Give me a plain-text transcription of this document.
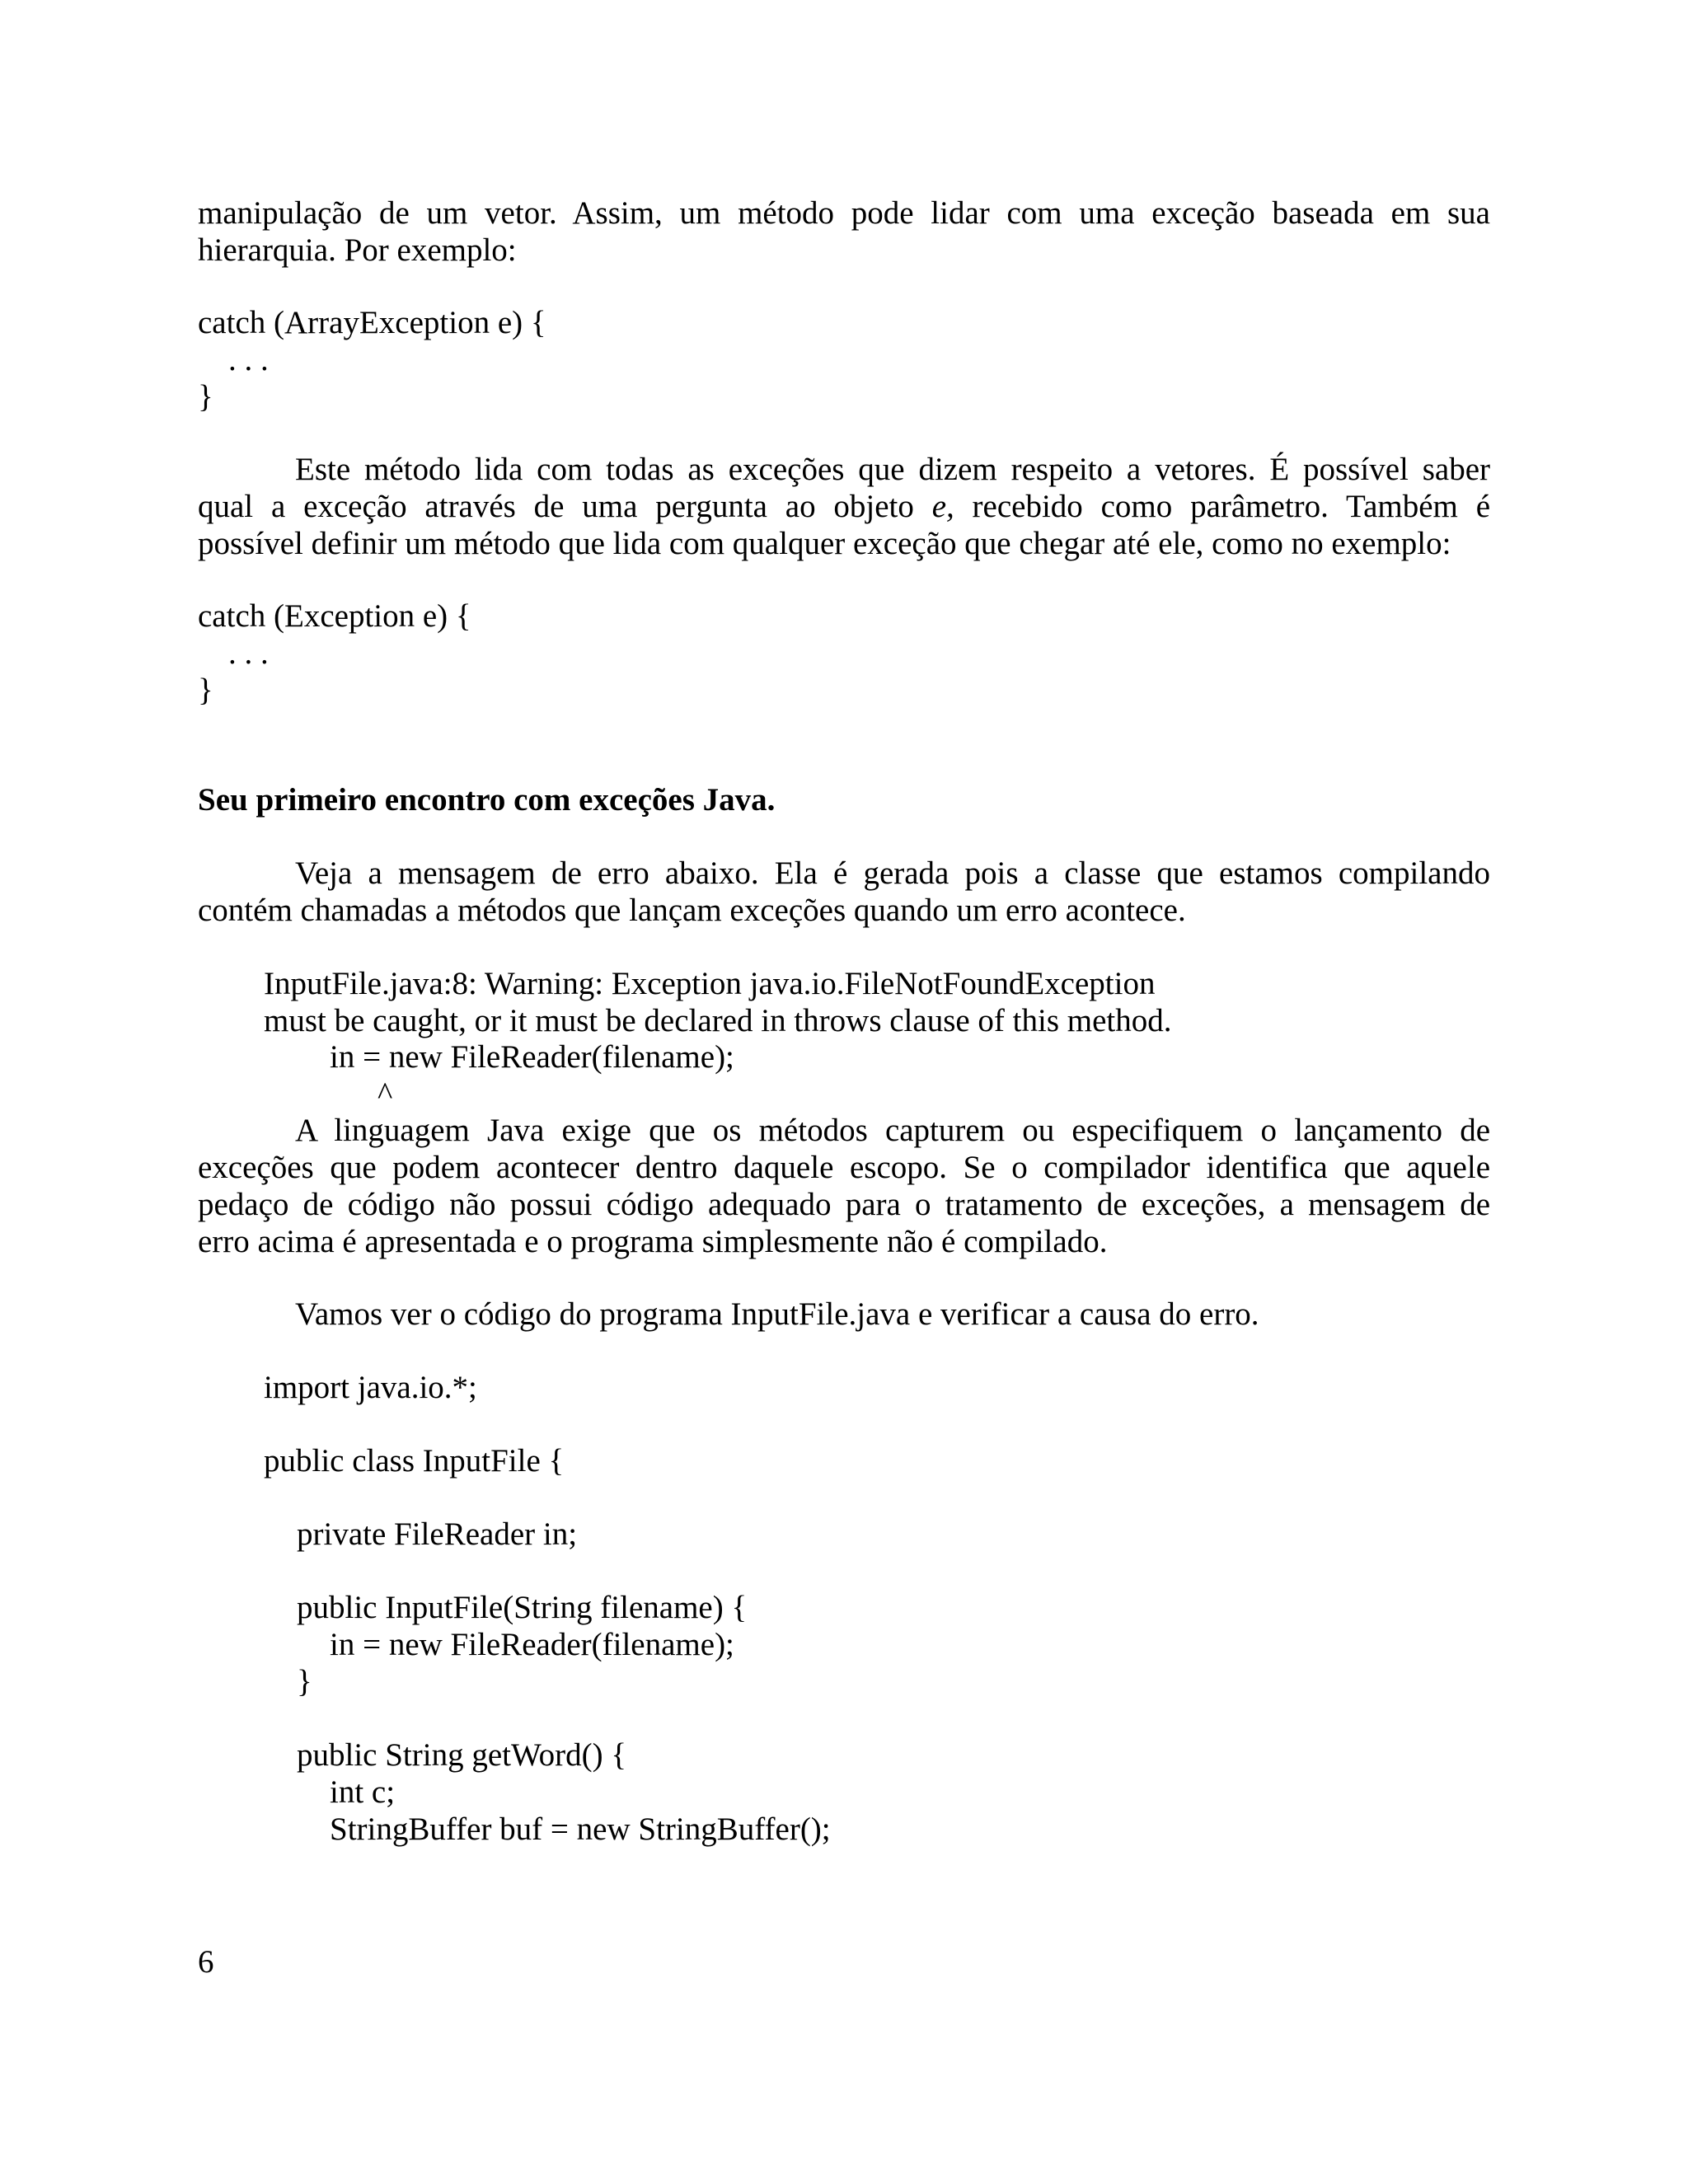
manipulação de um vetor. Assim, um método pode lidar com uma exceção baseada em sua
hierarquia. Por exemplo:
catch (ArrayException e) {
. . .
}
Este método lida com todas as exceções que dizem respeito a vetores. É possível saber
qual a exceção através de uma pergunta ao objeto e, recebido como parâmetro. Também é
possível definir um método que lida com qualquer exceção que chegar até ele, como no exemplo:
catch (Exception e) {
. . .
}
Seu primeiro encontro com exceções Java.
Veja a mensagem de erro abaixo. Ela é gerada pois a classe que estamos compilando
contém chamadas a métodos que lançam exceções quando um erro acontece.
InputFile.java:8: Warning: Exception java.io.FileNotFoundException
must be caught, or it must be declared in throws clause of this method.
in = new FileReader(filename);
^
A linguagem Java exige que os métodos capturem ou especifiquem o lançamento de
exceções que podem acontecer dentro daquele escopo. Se o compilador identifica que aquele
pedaço de código não possui código adequado para o tratamento de exceções, a mensagem de
erro acima é apresentada e o programa simplesmente não é compilado.
Vamos ver o código do programa InputFile.java e verificar a causa do erro.
import java.io.*;
public class InputFile {
private FileReader in;
public InputFile(String filename) {
in = new FileReader(filename);
}
public String getWord() {
int c;
StringBuffer buf = new StringBuffer();
6
